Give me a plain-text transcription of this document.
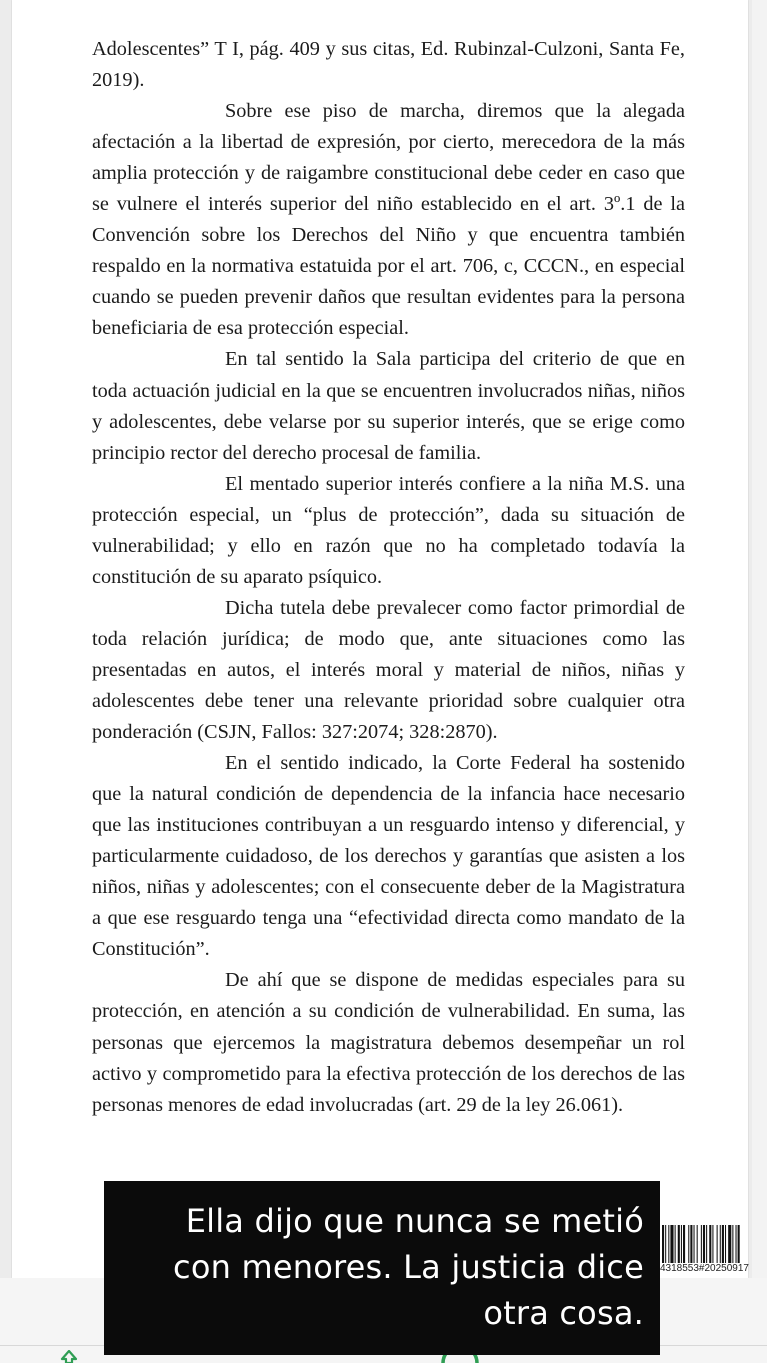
Adolescentes” T I, pág. 409 y sus citas, Ed. Rubinzal-Culzoni, Santa Fe, 2019).

Sobre ese piso de marcha, diremos que la alegada afectación a la libertad de expresión, por cierto, merecedora de la más amplia protección y de raigambre constitucional debe ceder en caso que se vulnere el interés superior del niño establecido en el art. 3º.1 de la Convención sobre los Derechos del Niño y que encuentra también respaldo en la normativa estatuida por el art. 706, c, CCCN., en especial cuando se pueden prevenir daños que resultan evidentes para la persona beneficiaria de esa protección especial.

En tal sentido la Sala participa del criterio de que en toda actuación judicial en la que se encuentren involucrados niñas, niños y adolescentes, debe velarse por su superior interés, que se erige como principio rector del derecho procesal de familia.

El mentado superior interés confiere a la niña M.S. una protección especial, un “plus de protección”, dada su situación de vulnerabilidad; y ello en razón que no ha completado todavía la constitución de su aparato psíquico.

Dicha tutela debe prevalecer como factor primordial de toda relación jurídica; de modo que, ante situaciones como las presentadas en autos, el interés moral y material de niños, niñas y adolescentes debe tener una relevante prioridad sobre cualquier otra ponderación (CSJN, Fallos: 327:2074; 328:2870).

En el sentido indicado, la Corte Federal ha sostenido que la natural condición de dependencia de la infancia hace necesario que las instituciones contribuyan a un resguardo intenso y diferencial, y particularmente cuidadoso, de los derechos y garantías que asisten a los niños, niñas y adolescentes; con el consecuente deber de la Magistratura a que ese resguardo tenga una “efectividad directa como mandato de la Constitución”.

De ahí que se dispone de medidas especiales para su protección, en atención a su condición de vulnerabilidad. En suma, las personas que ejercemos la magistratura debemos desempeñar un rol activo y comprometido para la efectiva protección de los derechos de las personas menores de edad involucradas (art. 29 de la ley 26.061).

4318553#20250917
Ella dijo que nunca se metió
con menores. La justicia dice
otra cosa.
